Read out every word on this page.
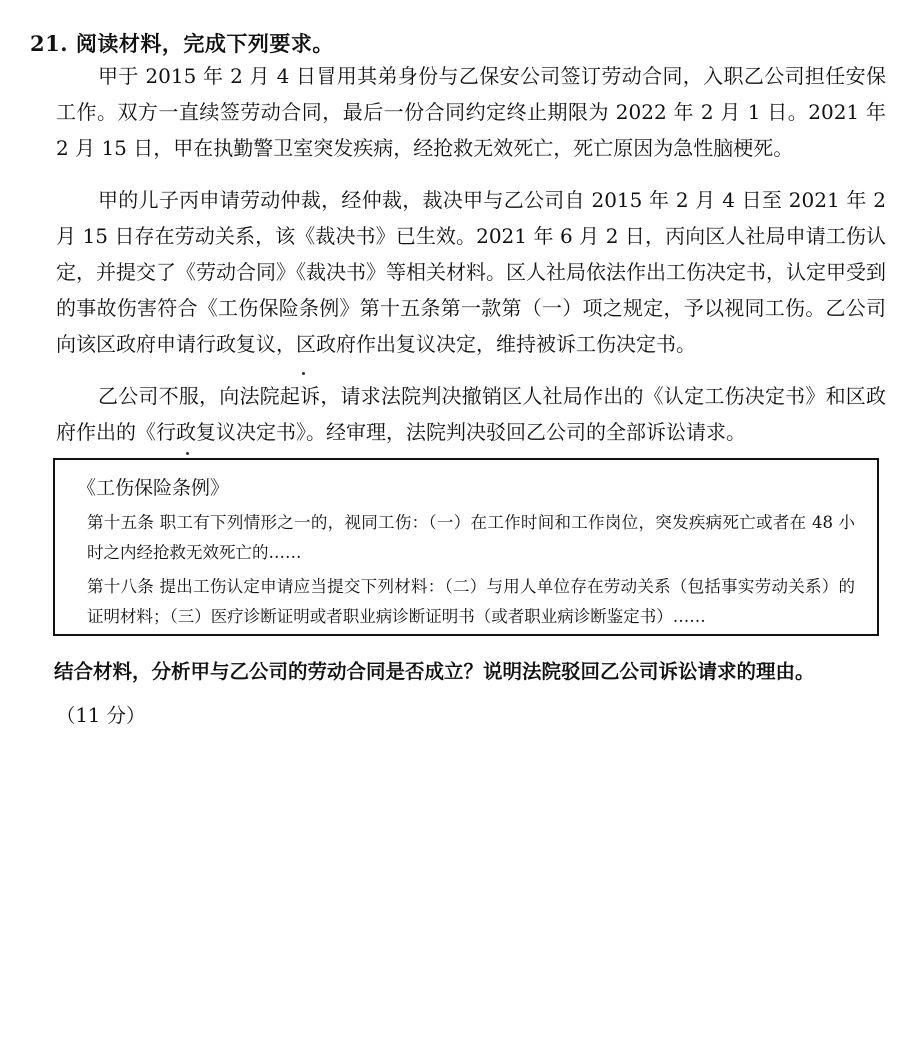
21. 阅读材料，完成下列要求。

甲于 2015 年 2 月 4 日冒用其弟身份与乙保安公司签订劳动合同，入职乙公司担任安保工作。双方一直续签劳动合同，最后一份合同约定终止期限为 2022 年 2 月 1 日。2021 年 2 月 15 日，甲在执勤警卫室突发疾病，经抢救无效死亡，死亡原因为急性脑梗死。

甲的儿子丙申请劳动仲裁，经仲裁，裁决甲与乙公司自 2015 年 2 月 4 日至 2021 年 2 月 15 日存在劳动关系，该《裁决书》已生效。2021 年 6 月 2 日，丙向区人社局申请工伤认定，并提交了《劳动合同》《裁决书》等相关材料。区人社局依法作出工伤决定书，认定甲受到的事故伤害符合《工伤保险条例》第十五条第一款第（一）项之规定，予以视同工伤。乙公司向该区政府申请行政复议，区政府作出复议决定，维持被诉工伤决定书。

乙公司不服，向法院起诉，请求法院判决撤销区人社局作出的《认定工伤决定书》和区政府作出的《行政复议决定书》。经审理，法院判决驳回乙公司的全部诉讼请求。

《工伤保险条例》

第十五条 职工有下列情形之一的，视同工伤：（一）在工作时间和工作岗位，突发疾病死亡或者在 48 小时之内经抢救无效死亡的……

第十八条 提出工伤认定申请应当提交下列材料：（二）与用人单位存在劳动关系（包括事实劳动关系）的证明材料；（三）医疗诊断证明或者职业病诊断证明书（或者职业病诊断鉴定书）……

结合材料，分析甲与乙公司的劳动合同是否成立？说明法院驳回乙公司诉讼请求的理由。

（11 分）
